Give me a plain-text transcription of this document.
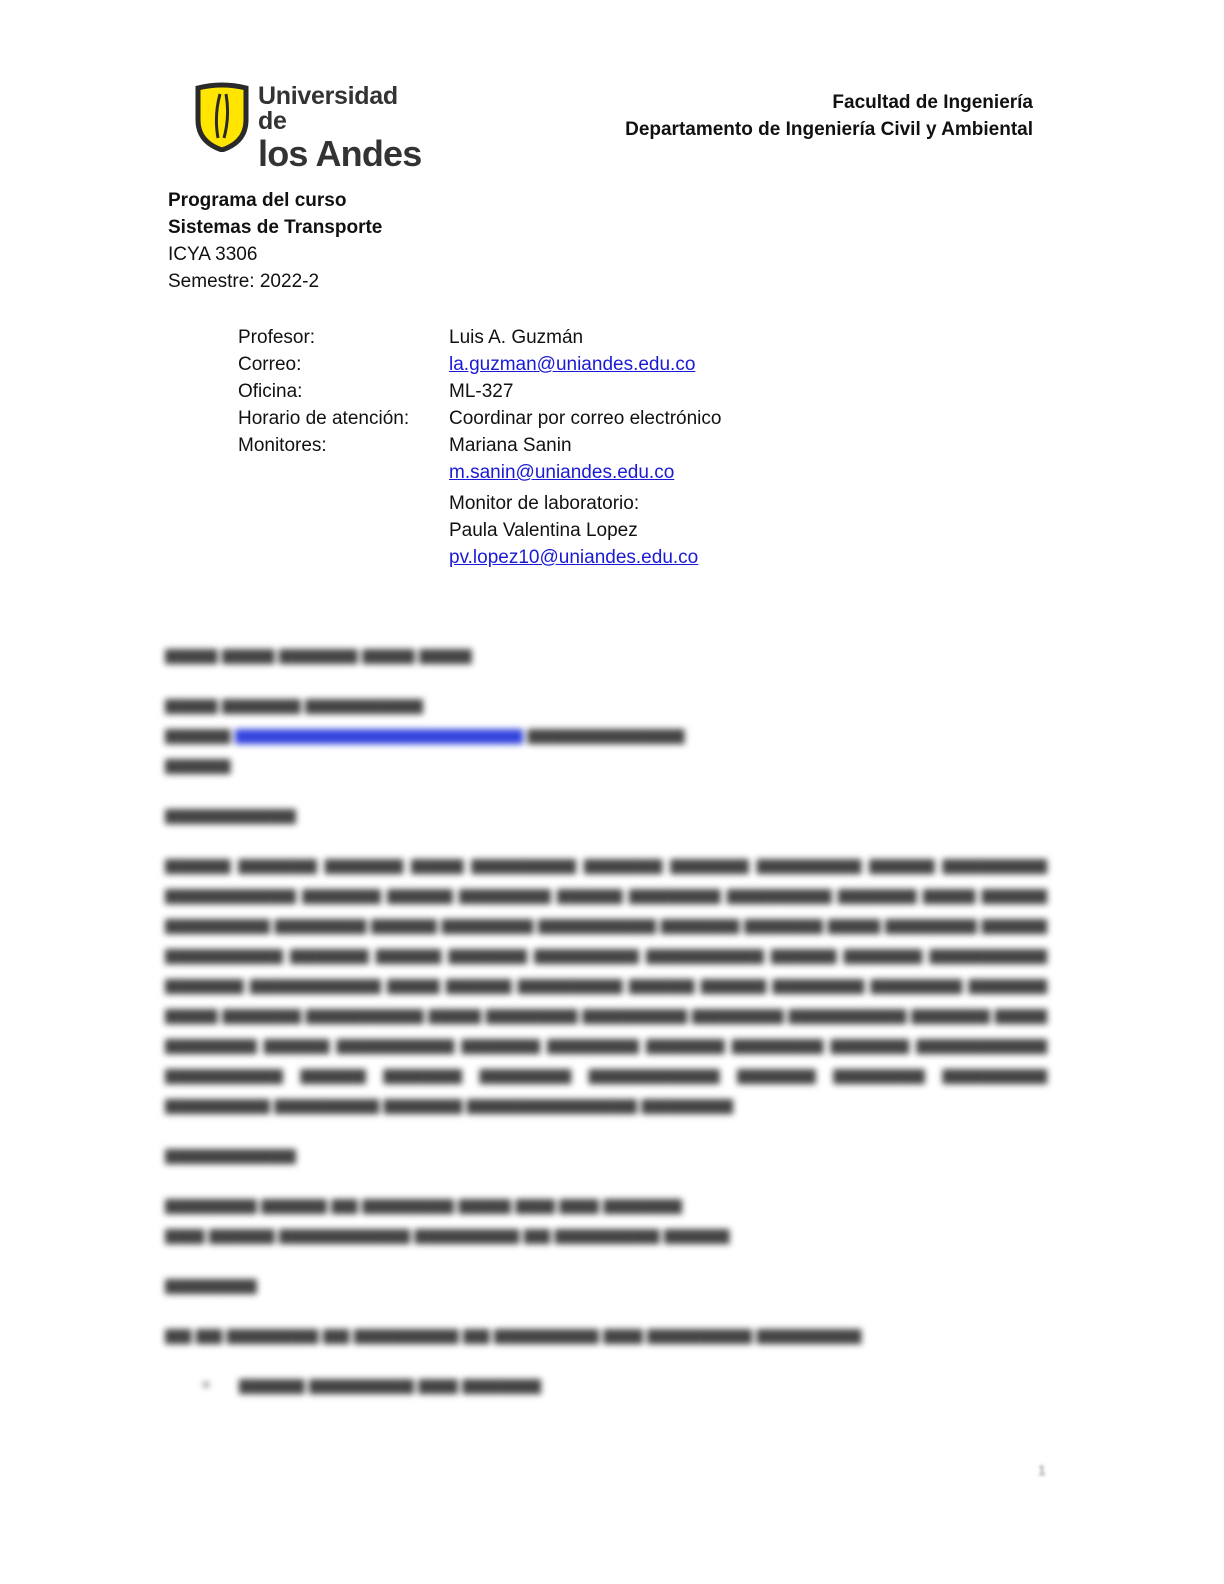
Universidad de
los Andes
Facultad de Ingeniería
Departamento de Ingeniería Civil y Ambiental
Programa del curso
Sistemas de Transporte
ICYA 3306
Semestre: 2022-2
Profesor:	Luis A. Guzmán
Correo:	la.guzman@uniandes.edu.co
Oficina:	ML-327
Horario de atención:	Coordinar por correo electrónico
Monitores:	Mariana Sanin
m.sanin@uniandes.edu.co
Monitor de laboratorio:
Paula Valentina Lopez
pv.lopez10@uniandes.edu.co

▆▆▆▆ ▆▆▆▆ ▆▆▆▆▆▆ ▆▆▆▆ ▆▆▆▆

▆▆▆▆ ▆▆▆▆▆▆ ▆▆▆▆▆▆▆▆▆
▆▆▆▆▆ ▆▆▆▆▆▆▆▆▆▆▆▆▆▆▆▆▆▆▆▆▆▆ ▆▆▆▆▆▆▆▆▆▆▆▆
▆▆▆▆▆

▆▆▆▆▆▆▆▆▆▆

▆▆▆▆▆ ▆▆▆▆▆▆ ▆▆▆▆▆▆ ▆▆▆▆ ▆▆▆▆▆▆▆▆ ▆▆▆▆▆▆ ▆▆▆▆▆▆ ▆▆▆▆▆▆▆▆ ▆▆▆▆▆ ▆▆▆▆▆▆▆▆ ▆▆▆▆▆▆▆▆▆▆ ▆▆▆▆▆▆ ▆▆▆▆▆ ▆▆▆▆▆▆▆ ▆▆▆▆▆ ▆▆▆▆▆▆▆ ▆▆▆▆▆▆▆▆ ▆▆▆▆▆▆ ▆▆▆▆ ▆▆▆▆▆ ▆▆▆▆▆▆▆▆ ▆▆▆▆▆▆▆ ▆▆▆▆▆ ▆▆▆▆▆▆▆ ▆▆▆▆▆▆▆▆▆ ▆▆▆▆▆▆ ▆▆▆▆▆▆ ▆▆▆▆ ▆▆▆▆▆▆▆ ▆▆▆▆▆ ▆▆▆▆▆▆▆▆▆ ▆▆▆▆▆▆ ▆▆▆▆▆ ▆▆▆▆▆▆ ▆▆▆▆▆▆▆▆ ▆▆▆▆▆▆▆▆▆ ▆▆▆▆▆ ▆▆▆▆▆▆ ▆▆▆▆▆▆▆▆▆ ▆▆▆▆▆▆ ▆▆▆▆▆▆▆▆▆▆ ▆▆▆▆ ▆▆▆▆▆ ▆▆▆▆▆▆▆▆ ▆▆▆▆▆ ▆▆▆▆▆ ▆▆▆▆▆▆▆ ▆▆▆▆▆▆▆ ▆▆▆▆▆▆ ▆▆▆▆ ▆▆▆▆▆▆ ▆▆▆▆▆▆▆▆▆ ▆▆▆▆ ▆▆▆▆▆▆▆ ▆▆▆▆▆▆▆▆ ▆▆▆▆▆▆▆ ▆▆▆▆▆▆▆▆▆ ▆▆▆▆▆▆ ▆▆▆▆ ▆▆▆▆▆▆▆ ▆▆▆▆▆ ▆▆▆▆▆▆▆▆▆ ▆▆▆▆▆▆ ▆▆▆▆▆▆▆ ▆▆▆▆▆▆ ▆▆▆▆▆▆▆ ▆▆▆▆▆▆ ▆▆▆▆▆▆▆▆▆▆ ▆▆▆▆▆▆▆▆▆ ▆▆▆▆▆ ▆▆▆▆▆▆ ▆▆▆▆▆▆▆ ▆▆▆▆▆▆▆▆▆▆ ▆▆▆▆▆▆ ▆▆▆▆▆▆▆ ▆▆▆▆▆▆▆▆ ▆▆▆▆▆▆▆▆ ▆▆▆▆▆▆▆▆ ▆▆▆▆▆▆ ▆▆▆▆▆▆▆▆▆▆▆▆▆ ▆▆▆▆▆▆▆

▆▆▆▆▆▆▆▆▆▆

▆▆▆▆▆▆▆ ▆▆▆▆▆ ▆▆ ▆▆▆▆▆▆▆ ▆▆▆▆ ▆▆▆ ▆▆▆ ▆▆▆▆▆▆
▆▆▆ ▆▆▆▆▆ ▆▆▆▆▆▆▆▆▆▆ ▆▆▆▆▆▆▆▆ ▆▆ ▆▆▆▆▆▆▆▆ ▆▆▆▆▆

▆▆▆▆▆▆▆

▆▆ ▆▆ ▆▆▆▆▆▆▆ ▆▆ ▆▆▆▆▆▆▆▆ ▆▆ ▆▆▆▆▆▆▆▆ ▆▆▆ ▆▆▆▆▆▆▆▆ ▆▆▆▆▆▆▆▆

▪	▆▆▆▆▆ ▆▆▆▆▆▆▆▆ ▆▆▆ ▆▆▆▆▆▆
1
